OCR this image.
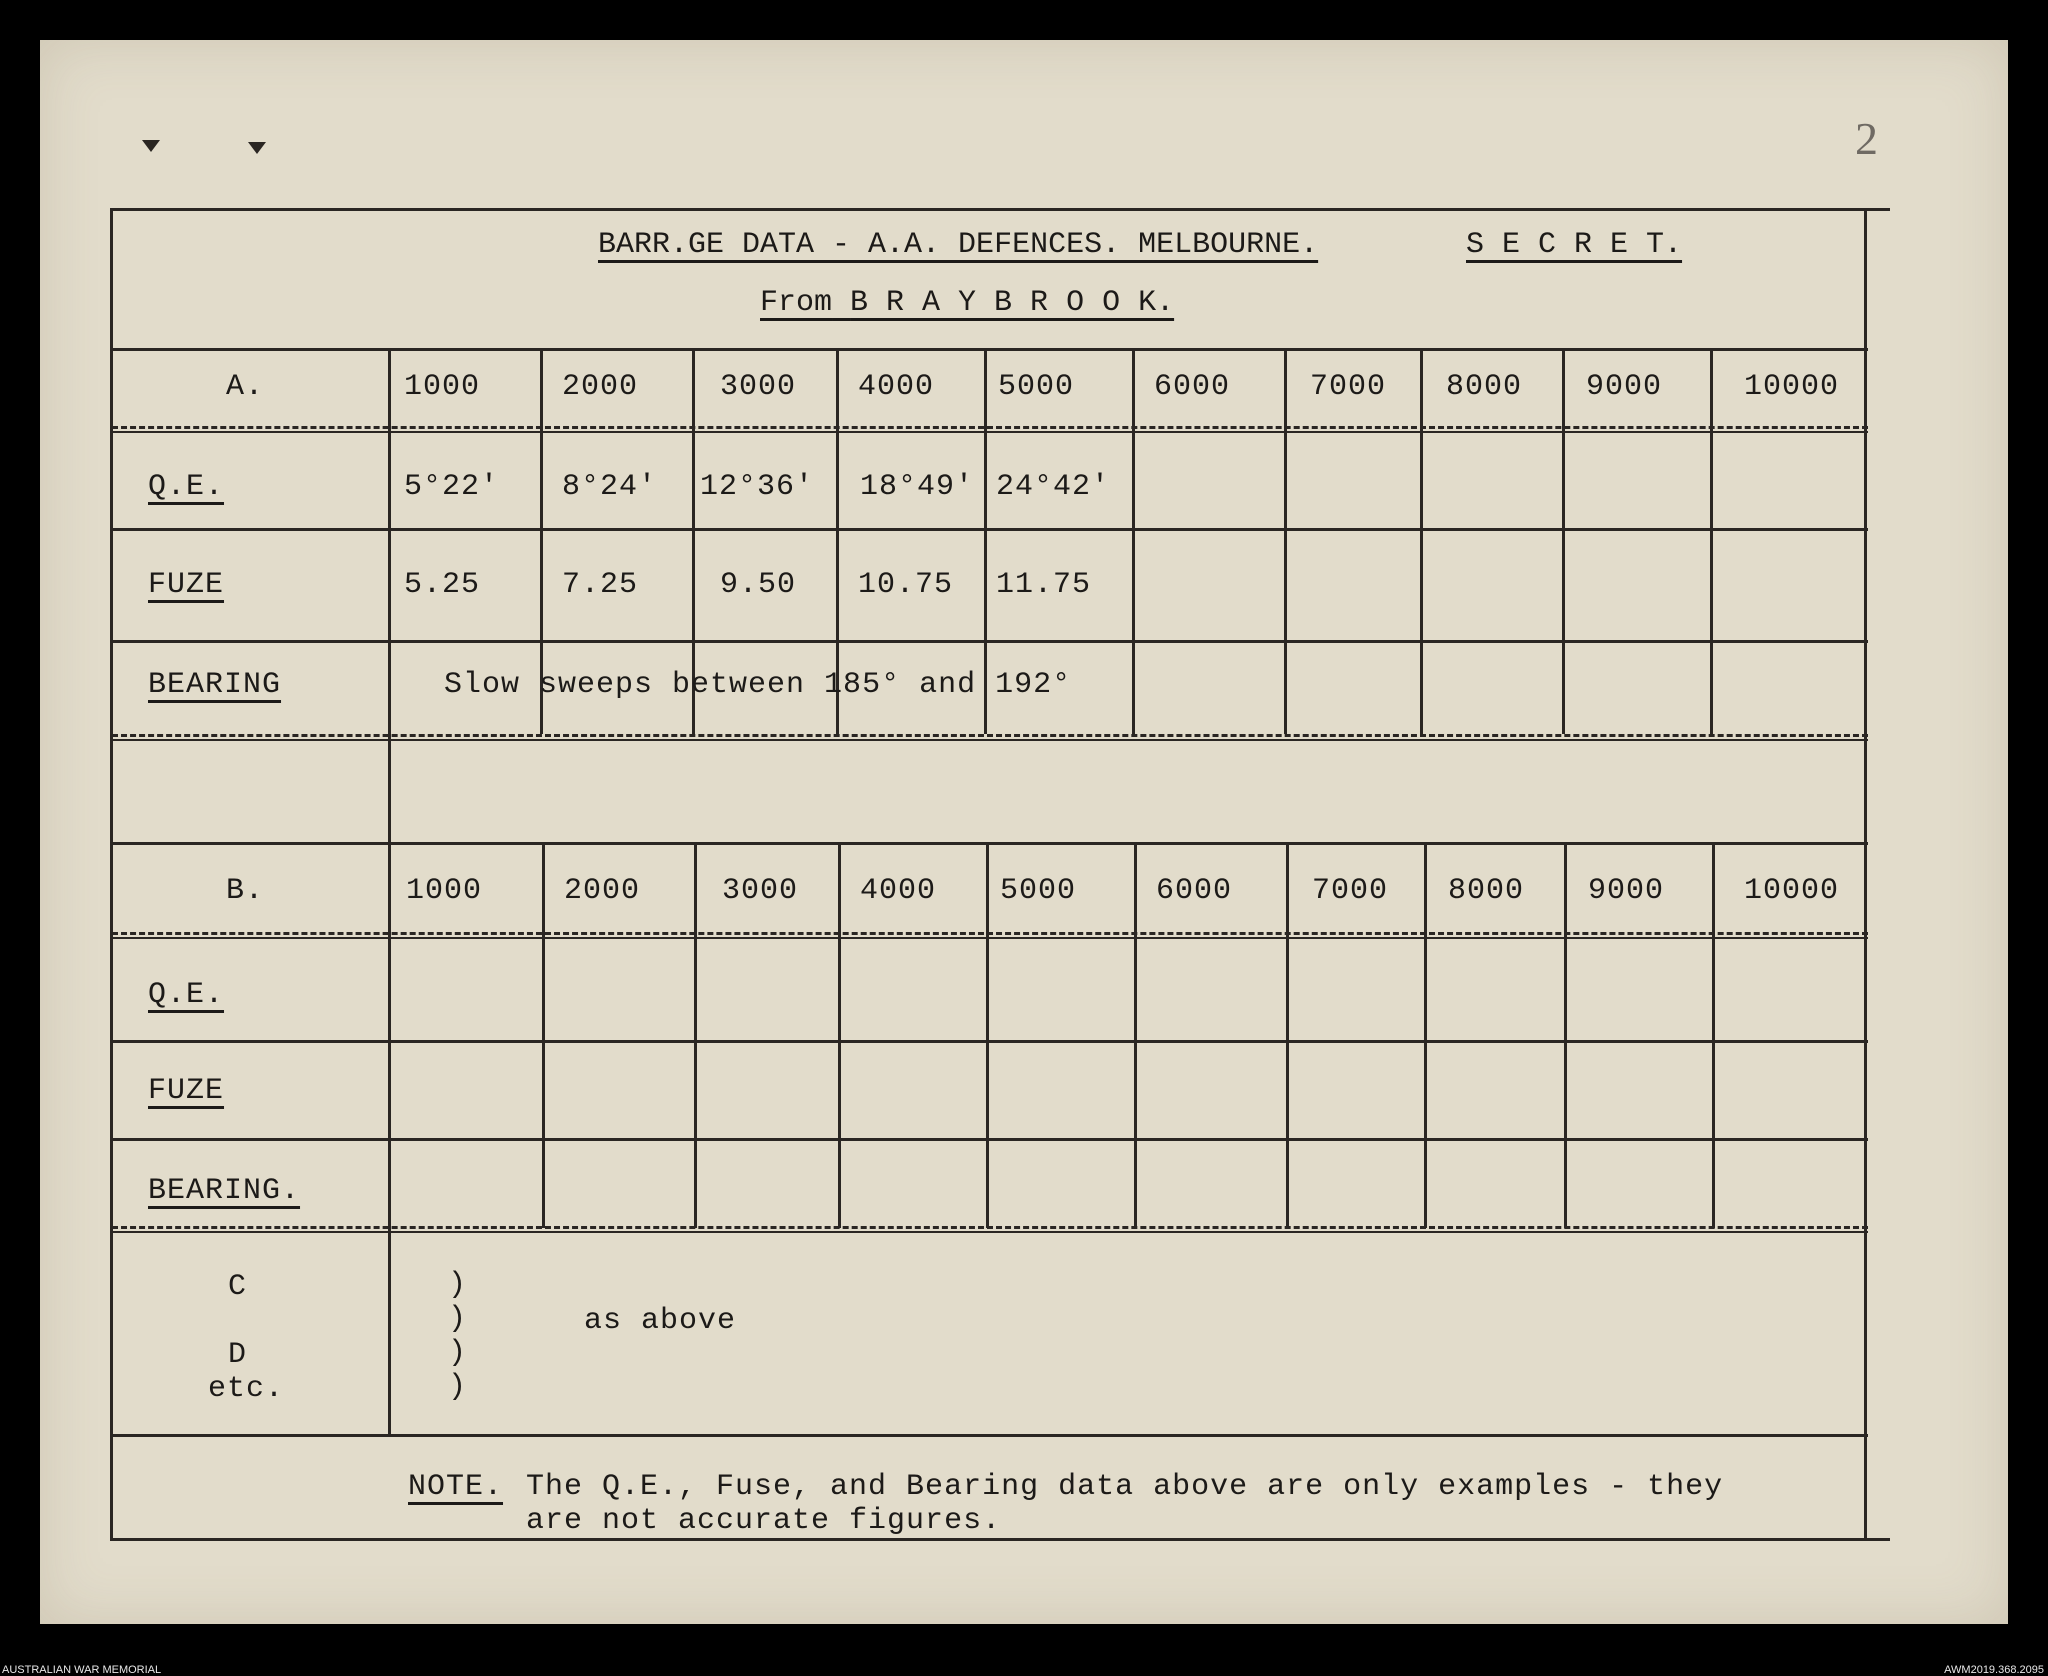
2
BARR.GE DATA - A.A. DEFENCES. MELBOURNE.	S E C R E T.
From B R A Y B R O O K.
A.	1000	2000	3000 4000 5000	6000	7000 8000 9000	10000
Q.E.	5°22' 8°24' 12°36' 18°49' 24°42'
FUZE	5.25	7.25	9.50 10.75 11.75
BEARING	Slow sweeps between 185° and 192°
B.	1000	2000	3000 4000 5000	6000	7000 8000 9000	10000
Q.E.
FUZE
BEARING.
C
D
etc.
)
)
)
)
as above
NOTE. The Q.E., Fuse, and Bearing data above are only examples - they
are not accurate figures.
AUSTRALIAN WAR MEMORIAL	AWM2019.368.2095
